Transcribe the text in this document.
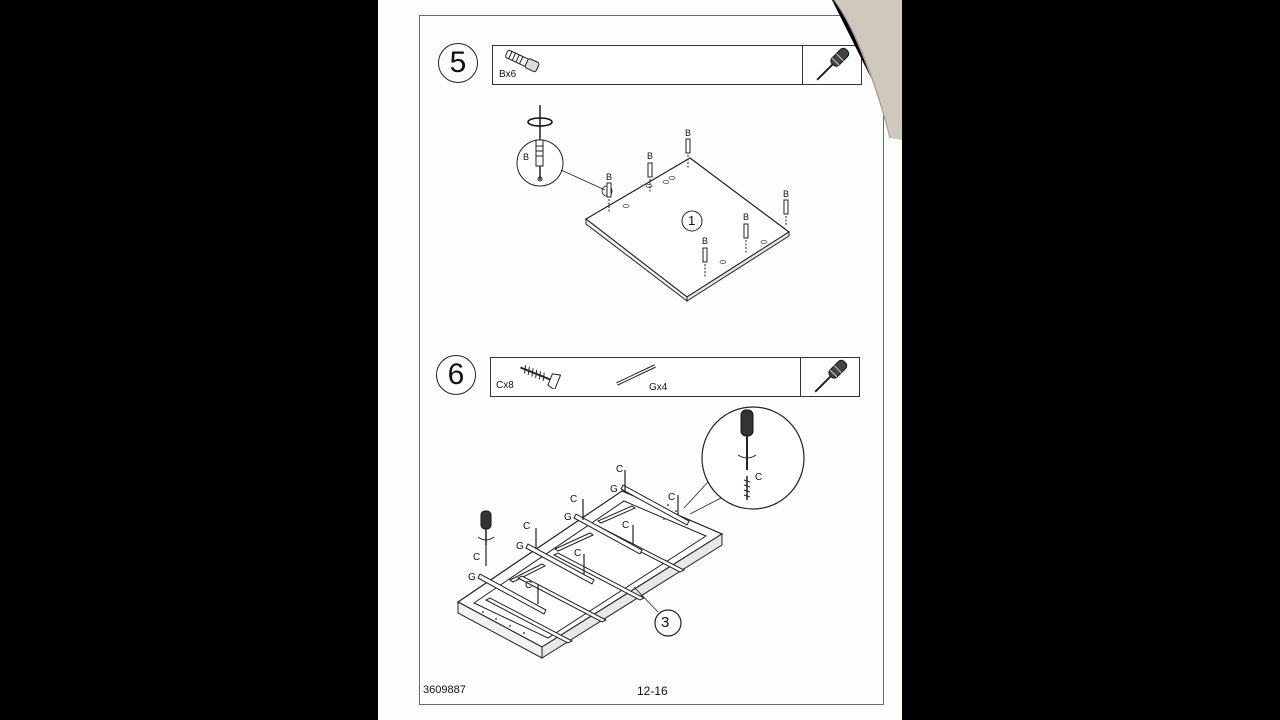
5	Bx6
B
B
B
B
B
B
B
1
6	Cx8	Gx4
C
G
G
G
G
C
C
C
C
C
C
C
C
3
3609887	12-16
